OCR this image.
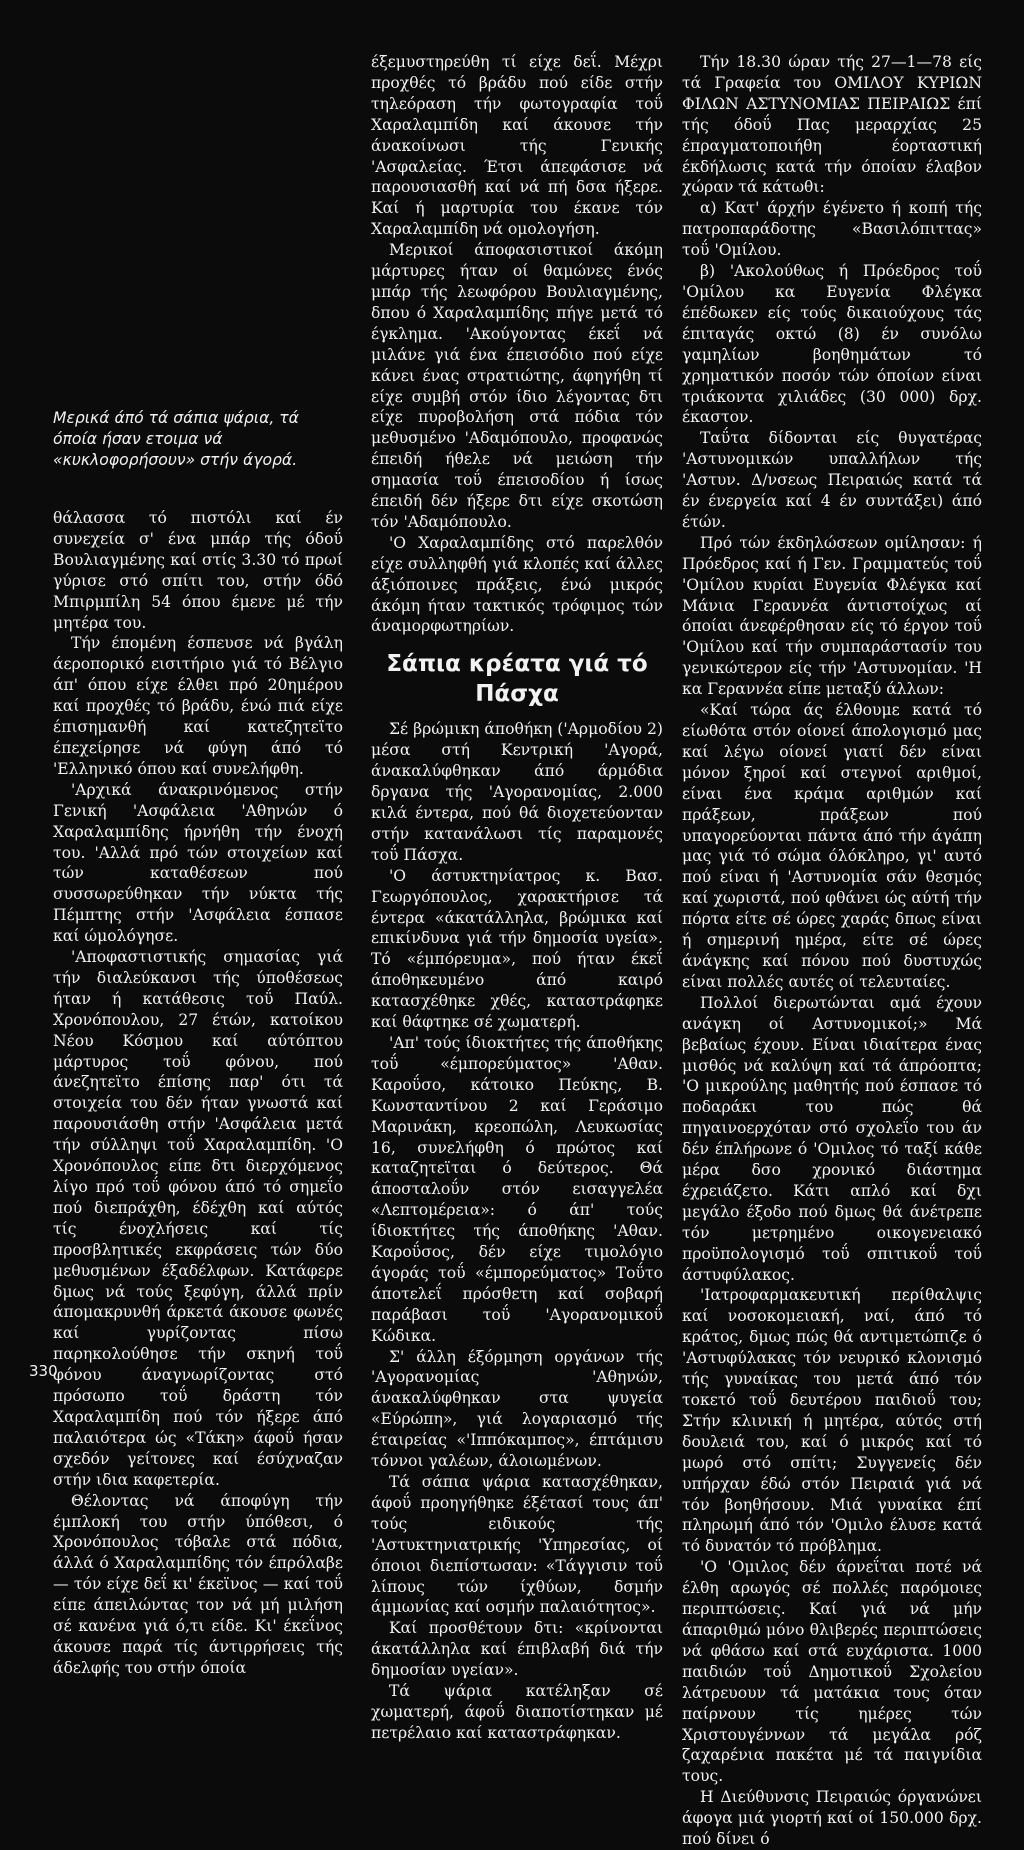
Μερικά άπό τά σάπια ψάρια, τά όποία ήσαν ετοιμα νά «κυκλοφορήσουν» στήν άγορά.

θάλασσα τό πιστόλι καί έν συνεχεία σ' ένα μπάρ τής όδοΰ Βουλιαγμένης καί στίς 3.30 τό πρωί γύρισε στό σπίτι του, στήν όδό Μπιρμπίλη 54 όπου έμενε μέ τήν μητέρα του.

Τήν έπομένη έσπευσε νά βγάλη άεροπορικό εισιτήριο γιά τό Βέλγιο άπ' όπου είχε έλθει πρό 20ημέρου καί προχθές τό βράδυ, ένώ πιά είχε έπισημανθή καί κατεζητεϊτο έπεχείρησε νά φύγη άπό τό 'Ελληνικό όπου καί συνελήφθη.

'Αρχικά άνακρινόμενος στήν Γενική 'Ασφάλεια 'Αθηνών ό Χαραλαμπίδης ήρνήθη τήν ένοχή του. 'Αλλά πρό τών στοιχείων καί τών καταθέσεων πού συσσωρεύθηκαν τήν νύκτα τής Πέμπτης στήν 'Ασφάλεια έσπασε καί ώμολόγησε.

'Αποφαστιστικής σημασίας γιά τήν διαλεύκανσι τής ύποθέσεως ήταν ή κατάθεσις τοΰ Παύλ. Χρονόπουλου, 27 έτών, κατοίκου Νέου Κόσμου καί αύτόπτου μάρτυρος τοΰ φόνου, πού άνεζητεϊτο έπίσης παρ' ότι τά στοιχεία του δέν ήταν γνωστά καί παρουσιάσθη στήν 'Ασφάλεια μετά τήν σύλληψι τοΰ Χαραλαμπίδη. 'Ο Χρονόπουλος είπε δτι διερχόμενος λίγο πρό τοΰ φόνου άπό τό σημεΐο πού διεπράχθη, έδέχθη καί αύτός τίς ένοχλήσεις καί τίς προσβλητικές εκφράσεις τών δύο μεθυσμένων έξαδέλφων. Κατάφερε δμως νά τούς ξεφύγη, άλλά πρίν άπομακρυνθή άρκετά άκουσε φωνές καί γυρίζοντας πίσω παρηκολούθησε τήν σκηνή τοΰ φόνου άναγνωρίζοντας στό πρόσωπο τοΰ δράστη τόν Χαραλαμπίδη πού τόν ήξερε άπό παλαιότερα ώς «Τάκη» άφοΰ ήσαν σχεδόν γείτονες καί έσύχναζαν στήν ιδια καφετερία.

Θέλοντας νά άποφύγη τήν έμπλοκή του στήν ύπόθεσι, ό Χρονόπουλος τόβαλε στά πόδια, άλλά ό Χαραλαμπίδης τόν έπρόλαβε — τόν είχε δεΐ κι' έκεϊνος — καί τοΰ είπε άπειλώντας τον νά μή μιλήση σέ κανένα γιά ό,τι είδε. Κι' έκεΐνος άκουσε παρά τίς άντιρρήσεις τής άδελφής του στήν όποία

έξεμυστηρεύθη τί είχε δεΐ. Μέχρι προχθές τό βράδυ πού είδε στήν τηλεόραση τήν φωτογραφία τοΰ Χαραλαμπίδη καί άκουσε τήν άνακοίνωσι τής Γενικής 'Ασφαλείας. Έτσι άπεφάσισε νά παρουσιασθή καί νά πή δσα ήξερε. Καί ή μαρτυρία του έκανε τόν Χαραλαμπίδη νά ομολογήση.

Μερικοί άποφασιστικοί άκόμη μάρτυρες ήταν οί θαμώνες ένός μπάρ τής λεωφόρου Βουλιαγμένης, δπου ό Χαραλαμπίδης πήγε μετά τό έγκλημα. 'Ακούγοντας έκεΐ νά μιλάνε γιά ένα έπεισόδιο πού είχε κάνει ένας στρατιώτης, άφηγήθη τί είχε συμβή στόν ίδιο λέγοντας δτι είχε πυροβολήση στά πόδια τόν μεθυσμένο 'Αδαμόπουλο, προφανώς έπειδή ήθελε νά μειώση τήν σημασία τοΰ έπεισοδίου ή ίσως έπειδή δέν ήξερε δτι είχε σκοτώση τόν 'Αδαμόπουλο.

'Ο Χαραλαμπίδης στό παρελθόν είχε συλληφθή γιά κλοπές καί άλλες άξιόποινες πράξεις, ένώ μικρός άκόμη ήταν τακτικός τρόφιμος τών άναμορφωτηρίων.

Σάπια κρέατα γιά τό Πάσχα

Σέ βρώμικη άποθήκη ('Αρμοδίου 2) μέσα στή Κεντρική 'Αγορά, άνακαλύφθηκαν άπό άρμόδια δργανα τής 'Αγορανομίας, 2.000 κιλά έντερα, πού θά διοχετεύονταν στήν κατανάλωσι τίς παραμονές τοΰ Πάσχα.

'Ο άστυκτηνίατρος κ. Βασ. Γεωργόπουλος, χαρακτήρισε τά έντερα «άκατάλληλα, βρώμικα καί επικίνδυνα γιά τήν δημοσία υγεία». Τό «έμπόρευμα», πού ήταν έκεΐ άποθηκευμένο άπό καιρό κατασχέθηκε χθές, καταστράφηκε καί θάφτηκε σέ χωματερή.

'Απ' τούς ίδιοκτήτες τής άποθήκης τοΰ «έμπορεύματος» 'Αθαν. Καροΰσο, κάτοικο Πεύκης, Β. Κωνσταντίνου 2 καί Γεράσιμο Μαρινάκη, κρεοπώλη, Λευκωσίας 16, συνελήφθη ό πρώτος καί καταζητεϊται ό δεύτερος. Θά άποσταλοΰν στόν εισαγγελέα «Λεπτομέρεια»: ό άπ' τούς ίδιοκτήτες τής άποθήκης 'Αθαν. Καροΰσος, δέν είχε τιμολόγιο άγοράς τοΰ «έμπορεύματος» Τοΰτο άποτελεΐ πρόσθετη καί σοβαρή παράβασι τοΰ 'Αγορανομικοΰ Κώδικα.

Σ' άλλη έξόρμηση οργάνων τής 'Αγορανομίας 'Αθηνών, άνακαλύφθηκαν στα ψυγεία «Εύρώπη», γιά λογαριασμό τής έταιρείας «'Ιππόκαμπος», έπτάμισυ τόννοι γαλέων, άλοιωμένων.

Τά σάπια ψάρια κατασχέθηκαν, άφοΰ προηγήθηκε έξέτασί τους άπ' τούς ειδικούς τής 'Αστυκτηνιατρικής 'Υπηρεσίας, οί όποιοι διεπίστωσαν: «Τάγγισιν τοΰ λίπους τών ίχθύων, δσμήν άμμωνίας καί οσμήν παλαιότητος».

Καί προσθέτουν δτι: «κρίνονται άκατάλληλα καί έπιβλαβή διά τήν δημοσίαν υγείαν».

Τά ψάρια κατέληξαν σέ χωματερή, άφοΰ διαποτίστηκαν μέ πετρέλαιο καί καταστράφηκαν.

Τήν 18.30 ώραν τής 27—1—78 είς τά Γραφεία του ΟΜΙΛΟΥ ΚΥΡΙΩΝ ΦΙΛΩΝ ΑΣΤΥΝΟΜΙΑΣ ΠΕΙΡΑΙΩΣ έπί τής όδοΰ Πας μεραρχίας 25 έπραγματοποιήθη έορταστική έκδήλωσις κατά τήν όποίαν έλαβον χώραν τά κάτωθι:

α) Κατ' άρχήν έγένετο ή κοπή τής πατροπαράδοτης «Βασιλόπιττας» τοΰ 'Ομίλου.

β) 'Ακολούθως ή Πρόεδρος τοΰ 'Ομίλου κα Ευγενία Φλέγκα έπέδωκεν είς τούς δικαιούχους τάς έπιταγάς οκτώ (8) έν συνόλω γαμηλίων βοηθημάτων τό χρηματικόν ποσόν τών όποίων είναι τριάκοντα χιλιάδες (30 000) δρχ. έκαστον.

Ταΰτα δίδονται είς θυγατέρας 'Αστυνομικών υπαλλήλων τής 'Αστυν. Δ/νσεως Πειραιώς κατά τά έν ένεργεία καί 4 έν συντάξει) άπό έτών.

Πρό τών έκδηλώσεων ομίλησαν: ή Πρόεδρος καί ή Γεν. Γραμματεύς τοΰ 'Ομίλου κυρίαι Ευγενία Φλέγκα καί Μάνια Γεραννέα άντιστοίχως αί όποίαι άνεφέρθησαν είς τό έργον τοΰ 'Ομίλου καί τήν συμπαράστασίν του γενικώτερον είς τήν 'Αστυνομίαν. 'Η κα Γεραννέα είπε μεταξύ άλλων:

«Καί τώρα άς έλθουμε κατά τό είωθότα στόν οίονεί άπολογισμό μας καί λέγω οίονεί γιατί δέν είναι μόνον ξηροί καί στεγνοί αριθμοί, είναι ένα κράμα αριθμών καί πράξεων, πράξεων πού υπαγορεύονται πάντα άπό τήν άγάπη μας γιά τό σώμα όλόκληρο, γι' αυτό πού είναι ή 'Αστυνομία σάν θεσμός καί χωριστά, πού φθάνει ώς αύτή τήν πόρτα είτε σέ ώρες χαράς δπως είναι ή σημερινή ημέρα, είτε σέ ώρες άνάγκης καί πόνου πού δυστυχώς είναι πολλές αυτές οί τελευταίες.

Πολλοί διερωτώνται αμά έχουν ανάγκη οί Αστυνομικοί;» Μά βεβαίως έχουν. Είναι ιδιαίτερα ένας μισθός νά καλύψη καί τά άπρόοπτα; 'Ο μικρούλης μαθητής πού έσπασε τό ποδαράκι του πώς θά πηγαινοερχόταν στό σχολεΐο του άν δέν έπλήρωνε ό 'Ομιλος τό ταξί κάθε μέρα δσο χρονικό διάστημα έχρειάζετο. Κάτι απλό καί δχι μεγάλο έξοδο πού δμως θά άνέτρεπε τόν μετρημένο οικογενειακό προϋπολογισμό τοΰ σπιτικοΰ τοΰ άστυφύλακος.

'Ιατροφαρμακευτική περίθαλψις καί νοσοκομειακή, ναί, άπό τό κράτος, δμως πώς θά αντιμετώπιζε ό 'Αστυφύλακας τόν νευρικό κλονισμό τής γυναίκας του μετά άπό τόν τοκετό τοΰ δευτέρου παιδιοΰ του; Στήν κλινική ή μητέρα, αύτός στή δουλειά του, καί ό μικρός καί τό μωρό στό σπίτι; Συγγενείς δέν υπήρχαν έδώ στόν Πειραιά γιά νά τόν βοηθήσουν. Μιά γυναίκα έπί πληρωμή άπό τόν 'Ομιλο έλυσε κατά τό δυνατόν τό πρόβλημα.

'Ο 'Ομιλος δέν άρνεΐται ποτέ νά έλθη αρωγός σέ πολλές παρόμοιες περιπτώσεις. Καί γιά νά μήν άπαριθμώ μόνο θλιβερές περιπτώσεις νά φθάσω καί στά ευχάριστα. 1000 παιδιών τοΰ Δημοτικοΰ Σχολείου λάτρευουν τά ματάκια τους όταν παίρνουν τίς ημέρες τών Χριστουγέννων τά μεγάλα ρόζ ζαχαρένια πακέτα μέ τά παιγνίδια τους.

Η Διεύθυνσις Πειραιώς όργανώνει άφογα μιά γιορτή καί οί 150.000 δρχ. πού δίνει ό

330
